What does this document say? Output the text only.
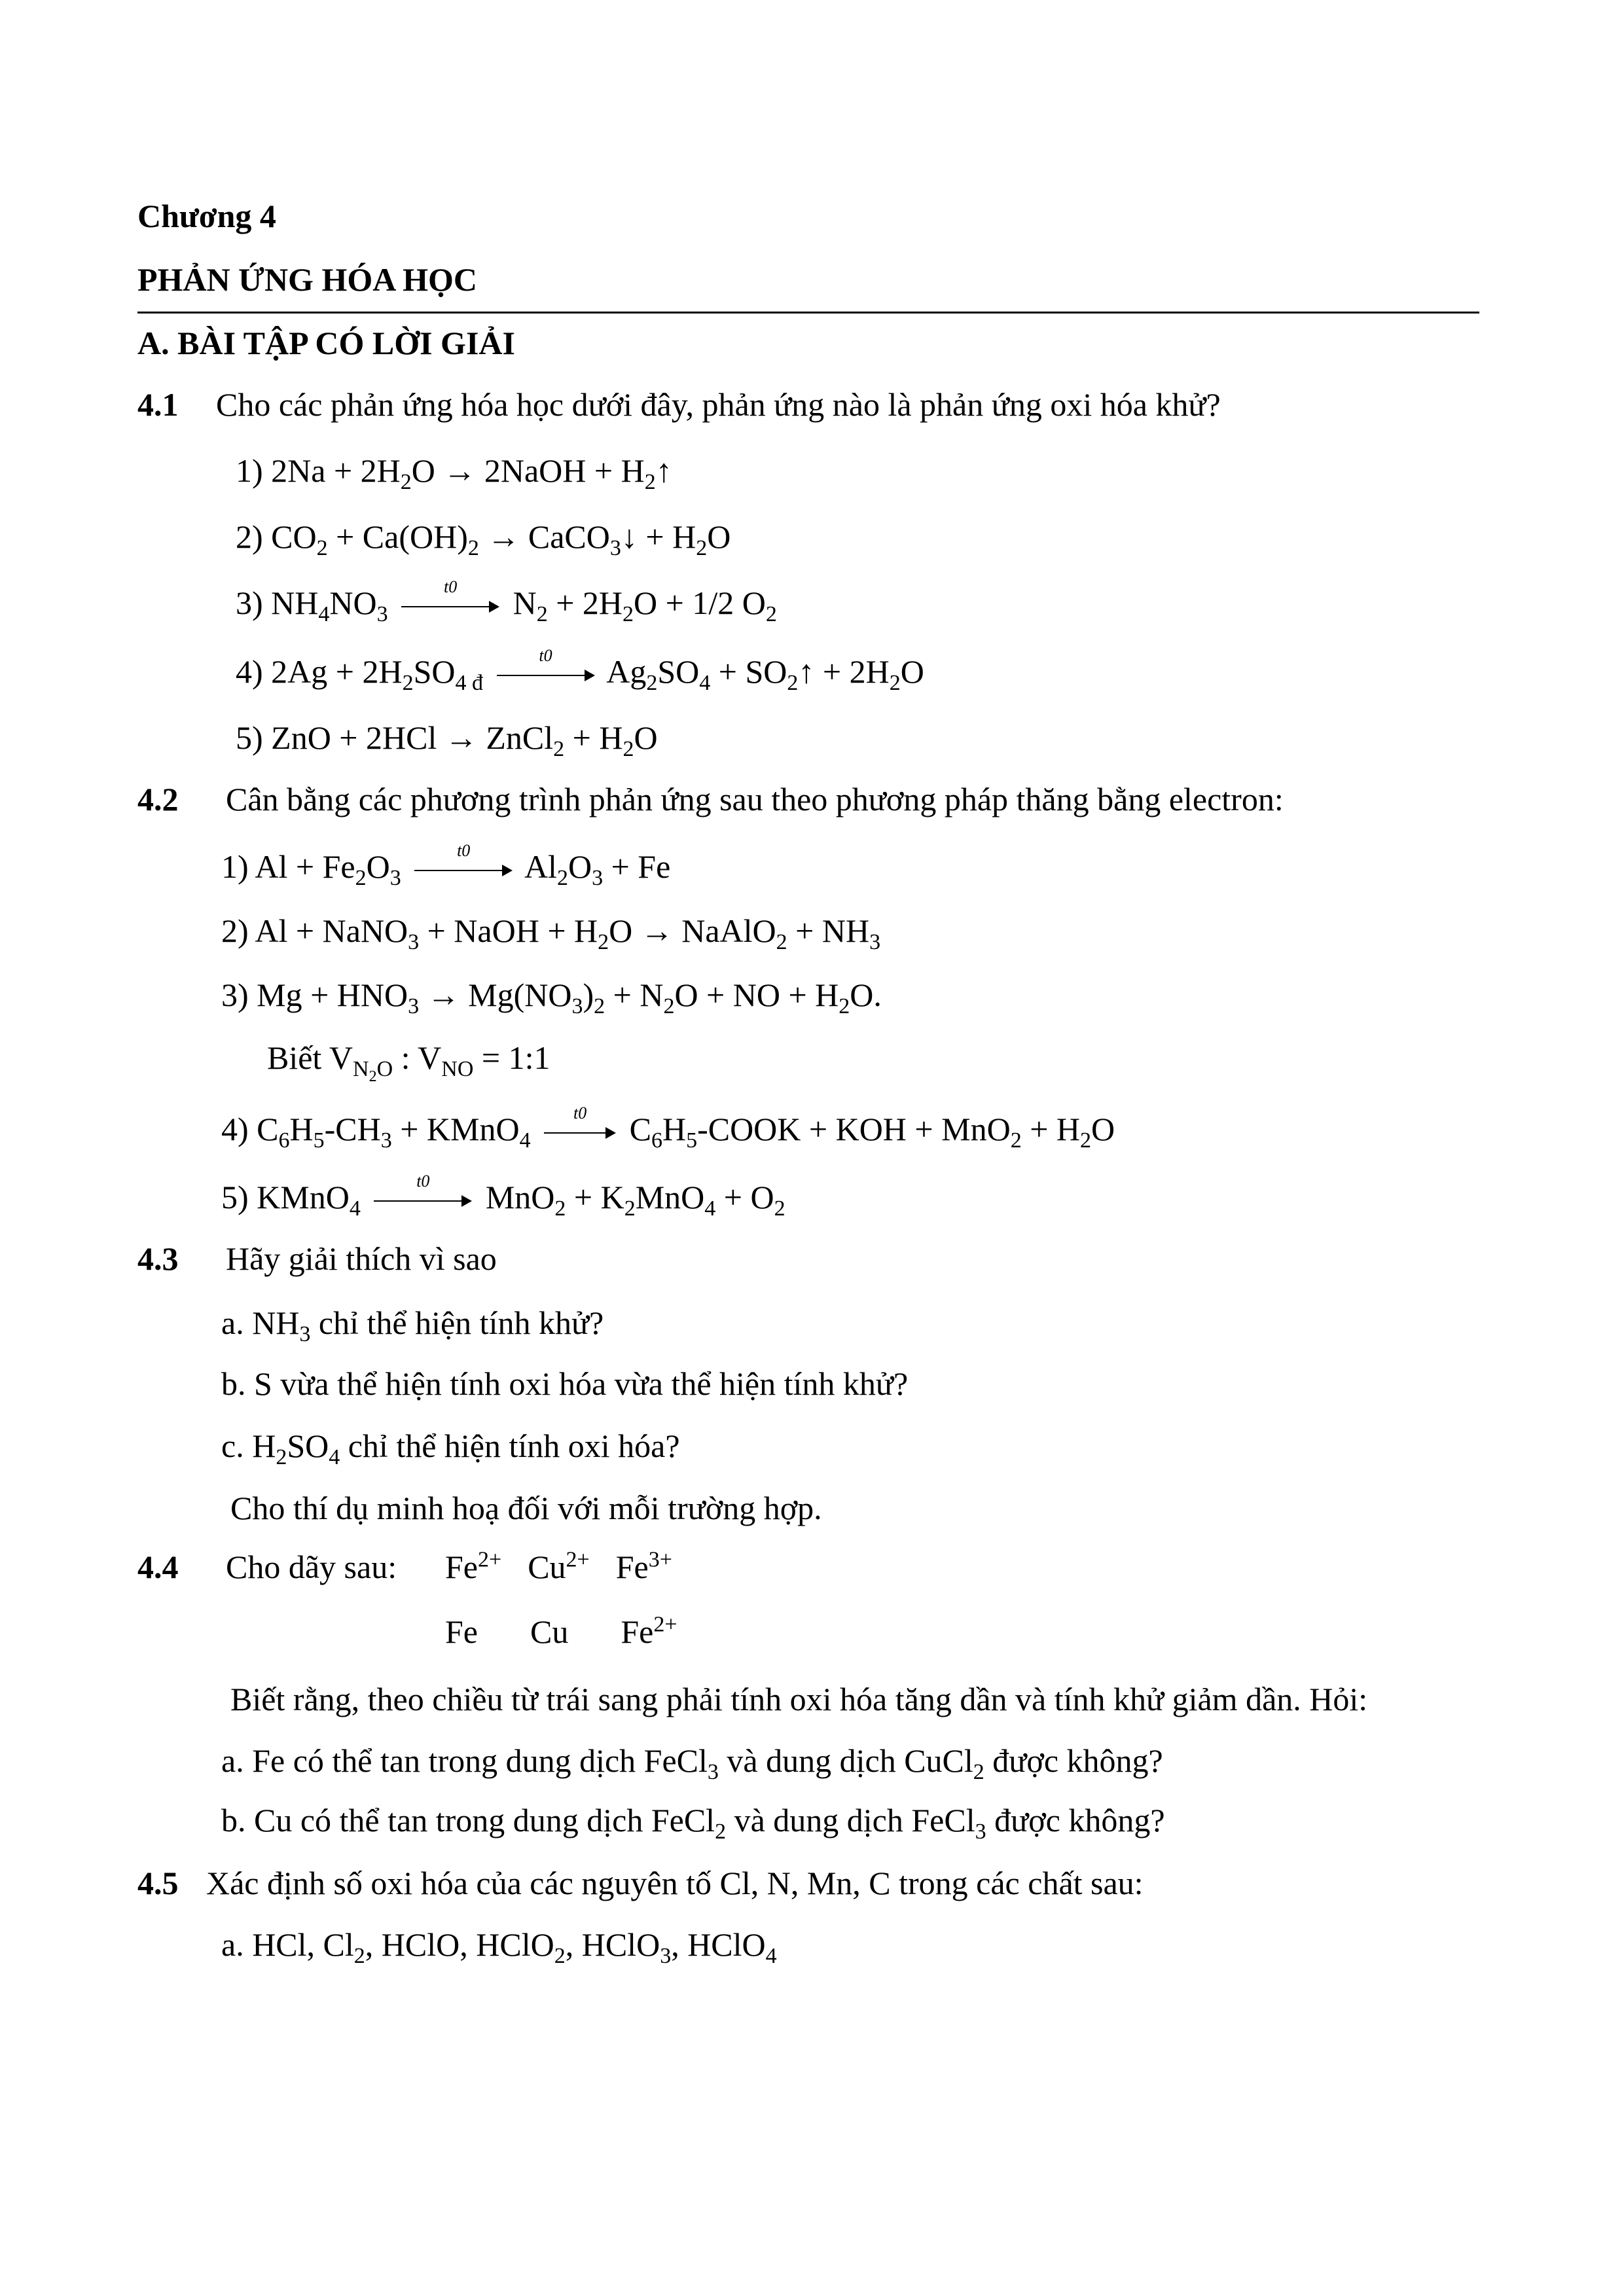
Chương 4
PHẢN ỨNG HÓA HỌC
A. BÀI TẬP CÓ LỜI GIẢI
4.1 Cho các phản ứng hóa học dưới đây, phản ứng nào là phản ứng oxi hóa khử?
1) $2Na + 2H_2O$ → 2NaOH + $H_2↑$
2) $CO_2 + Ca(OH)_2$ → CaCO$_3$↓ + $H_2O$
3) $NH_4NO_3$
t0	$N_2 + 2H_2O + 1/2$ $O_2$
4) $2Ag + 2H_2SO_{4 đ}$
t0	$Ag_2SO_4$ + $SO_2↑ + 2H_2O$
5) ZnO + 2HCl → ZnCl$_2$ + $H_2O$
4.2 Cân bằng các phương trình phản ứng sau theo phương pháp thăng bằng electron:
1) $Al + Fe_2O_3$
t0	$Al_2O_3 + Fe$
2) Al + NaNO$_3$ + NaOH + $H_2O$ → NaAlO$_2$ + $NH_3$
3) $Mg + HNO_3 \to Mg(NO_3)_2 + N_2O$ + NO + $H_2O$.
Biết $V_{N_2O}$ : $V_{NO}$ = 1:1
4) $C_6H_5-CH_3$ + KMnO$_4$
t0	$C_6H_5$-COOK + KOH + $MnO_2 + H_2O$
5) KMnO$_4$
t0	$MnO_2 + K_2MnO_4 + O_2$
4.3 Hãy giải thích vì sao
a. $NH_3$ chỉ thể hiện tính khử?
b. S vừa thể hiện tính oxi hóa vừa thể hiện tính khử?
c. $H_2SO_4$ chỉ thể hiện tính oxi hóa?
Cho thí dụ minh hoạ đối với mỗi trường hợp.
4.4 Cho dãy sau: $Fe^{2+}$ $Cu^{2+}$ $Fe^{3+}$
Fe Cu $Fe^{2+}$
Biết rằng, theo chiều từ trái sang phải tính oxi hóa tăng dần và tính khử giảm dần. Hỏi:
a. Fe có thể tan trong dung dịch FeCl$_3$ và dung dịch CuCl$_2$ được không?
b. Cu có thể tan trong dung dịch FeCl$_2$ và dung dịch FeCl$_3$ được không?
4.5 Xác định số oxi hóa của các nguyên tố Cl, N, Mn, C trong các chất sau:
a. HCl, $Cl_2$, HClO, HClO$_2$, HClO$_3$, HClO$_4$
